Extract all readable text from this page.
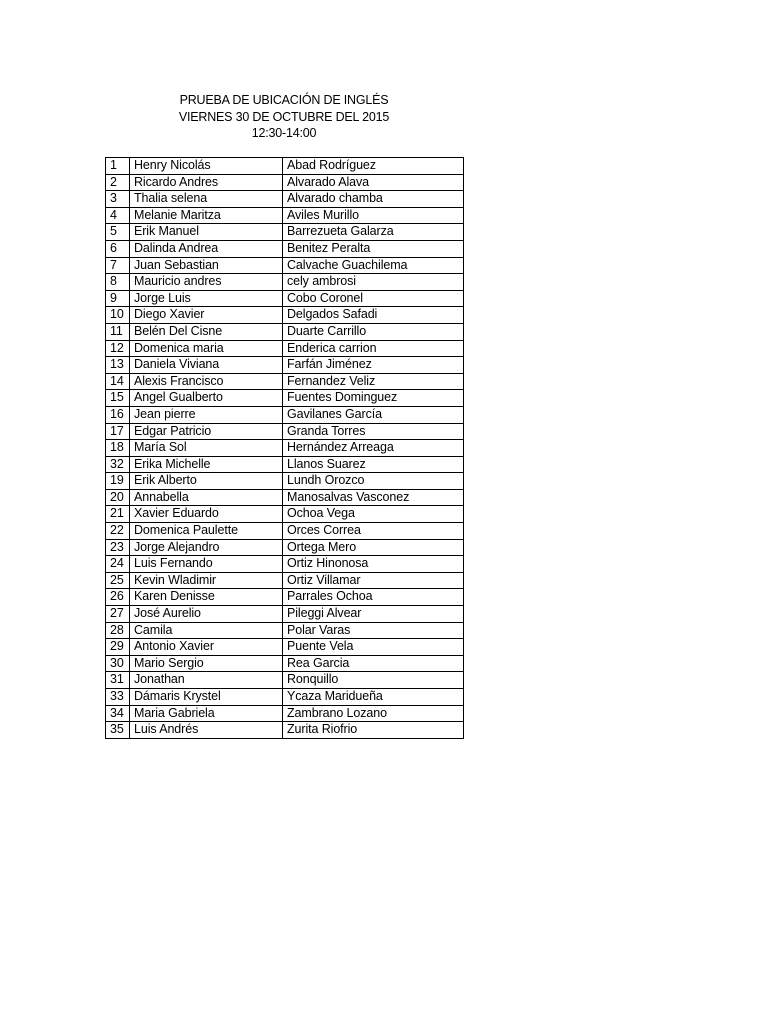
PRUEBA DE UBICACIÓN DE INGLÉS
VIERNES 30 DE OCTUBRE DEL 2015
12:30-14:00
1	Henry Nicolás	Abad Rodríguez
2	Ricardo Andres	Alvarado Alava
3	Thalia selena	Alvarado chamba
4	Melanie Maritza	Aviles Murillo
5	Erik Manuel	Barrezueta Galarza
6	Dalinda Andrea	Benitez Peralta
7	Juan Sebastian	Calvache Guachilema
8	Mauricio andres	cely ambrosi
9	Jorge Luis	Cobo Coronel
10	Diego Xavier	Delgados Safadi
11	Belén Del Cisne	Duarte Carrillo
12	Domenica maria	Enderica carrion
13	Daniela Viviana	Farfán Jiménez
14	Alexis Francisco	Fernandez Veliz
15	Angel Gualberto	Fuentes Dominguez
16	Jean pierre	Gavilanes García
17	Edgar Patricio	Granda Torres
18	María Sol	Hernández Arreaga
32	Erika Michelle	Llanos Suarez
19	Erik Alberto	Lundh Orozco
20	Annabella	Manosalvas Vasconez
21	Xavier Eduardo	Ochoa Vega
22	Domenica Paulette	Orces Correa
23	Jorge Alejandro	Ortega Mero
24	Luis Fernando	Ortiz Hinonosa
25	Kevin Wladimir	Ortiz Villamar
26	Karen Denisse	Parrales Ochoa
27	José Aurelio	Pileggi Alvear
28	Camila	Polar Varas
29	Antonio Xavier	Puente Vela
30	Mario Sergio	Rea Garcia
31	Jonathan	Ronquillo
33	Dámaris Krystel	Ycaza Maridueña
34	Maria Gabriela	Zambrano Lozano
35	Luis Andrés	Zurita Riofrio
